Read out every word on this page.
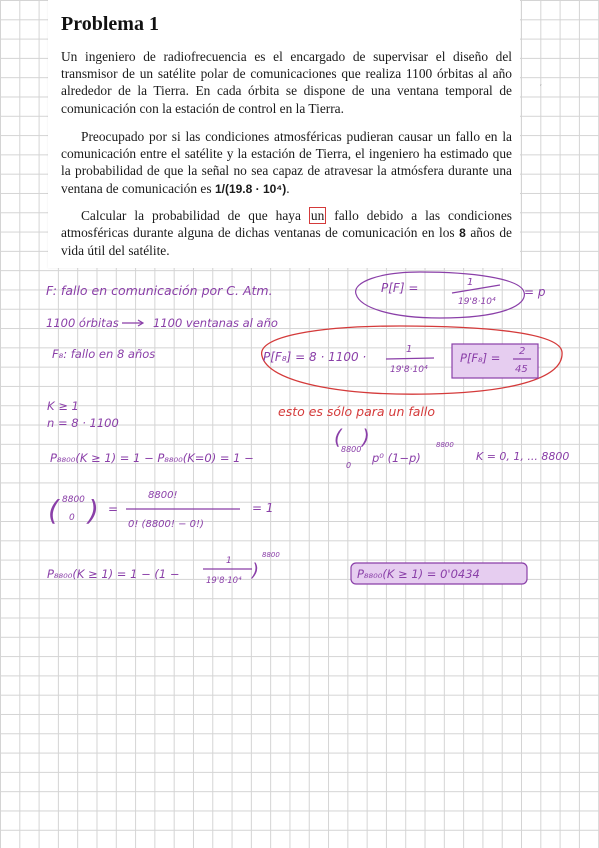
Problema 1

Un ingeniero de radiofrecuencia es el encargado de supervisar el diseño del transmisor de un satélite polar de comunicaciones que realiza 1100 órbitas al año alrededor de la Tierra. En cada órbita se dispone de una ventana temporal de comunicación con la estación de control en la Tierra.

Preocupado por si las condiciones atmosféricas pudieran causar un fallo en la comunicación entre el satélite y la estación de Tierra, el ingeniero ha estimado que la probabilidad de que la señal no sea capaz de atravesar la atmósfera durante una ventana de comunicación es 1/(19.8 · 10⁴).

Calcular la probabilidad de que haya un fallo debido a las condiciones atmosféricas durante alguna de dichas ventanas de comunicación en los 8 años de vida útil del satélite.

‚
F: fallo en comunicación por C. Atm.	P[F] =	1
19'8·10⁴
= p
1100 órbitas	1100 ventanas al año
F₈: fallo en 8 años	P[F₈] = 8 · 1100 ·
1
19'8·10⁴
P[F₈] = 2
45
esto es sólo para un fallo
K ≥ 1
n = 8 · 1100
P₈₈₀₀(K ≥ 1) = 1 − P₈₈₀₀(K=0) = 1 −
(
8800
0
)
p⁰ (1−p)
8800
K = 0, 1, ... 8800
( 8800
0 ) =
8800!
0! (8800! − 0!)
= 1
P₈₈₀₀(K ≥ 1) = 1 − (1 −
1
19'8·10⁴ )
8800
P₈₈₀₀(K ≥ 1) = 0'0434
